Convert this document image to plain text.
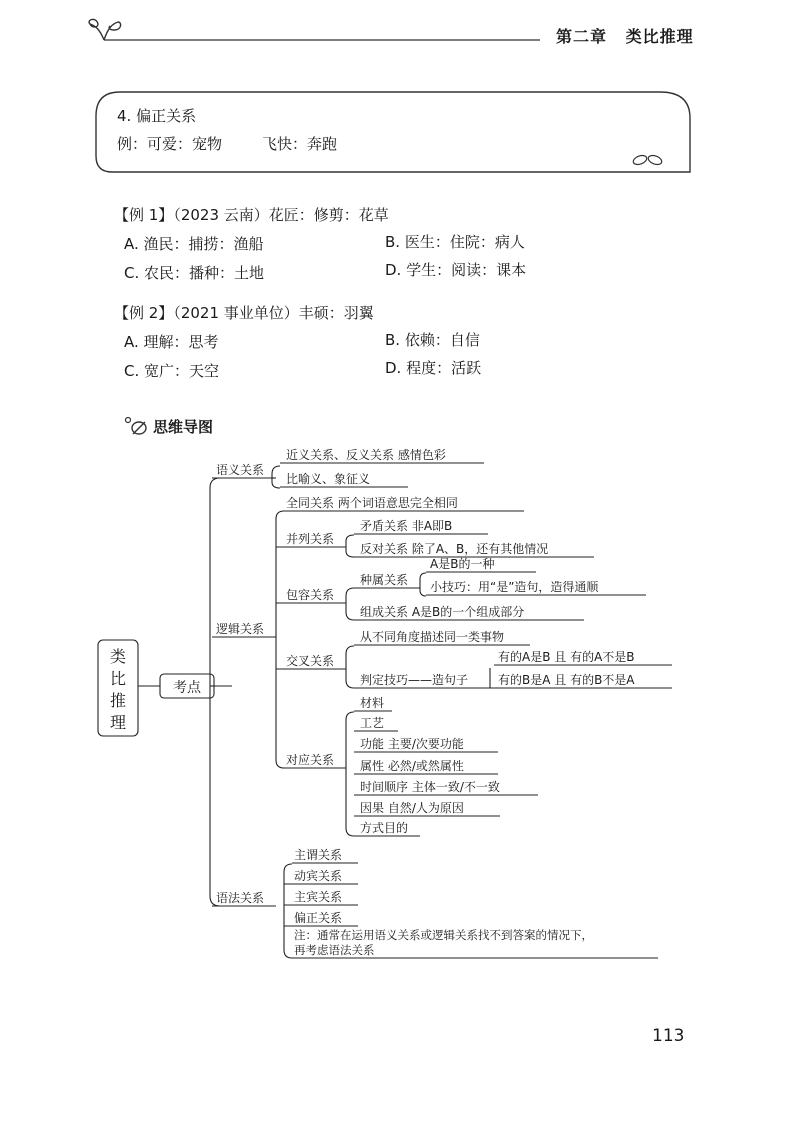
第二章 类比推理
4. 偏正关系
例：可爱：宠物	飞快：奔跑
【例 1】（2023 云南）花匠：修剪：花草
A. 渔民：捕捞：渔船	B. 医生：住院：病人
C. 农民：播种：土地	D. 学生：阅读：课本
【例 2】（2021 事业单位）丰硕：羽翼
A. 理解：思考	B. 依赖：自信
C. 宽广：天空	D. 程度：活跃
思维导图
类
比
推
理
考点
语义关系
逻辑关系
语法关系
近义关系、反义关系 感情色彩
比喻义、象征义
全同关系 两个词语意思完全相同
并列关系
矛盾关系 非A即B
反对关系 除了A、B，还有其他情况
包容关系
种属关系
A是B的一种
小技巧：用“是”造句，造得通顺
组成关系 A是B的一个组成部分
交叉关系
从不同角度描述同一类事物
判定技巧——造句子
有的A是B 且 有的A不是B
有的B是A 且 有的B不是A
对应关系
材料
工艺
功能 主要/次要功能
属性 必然/或然属性
时间顺序 主体一致/不一致
因果 自然/人为原因
方式目的
主谓关系
动宾关系
主宾关系
偏正关系
注：通常在运用语义关系或逻辑关系找不到答案的情况下，
再考虑语法关系
113
